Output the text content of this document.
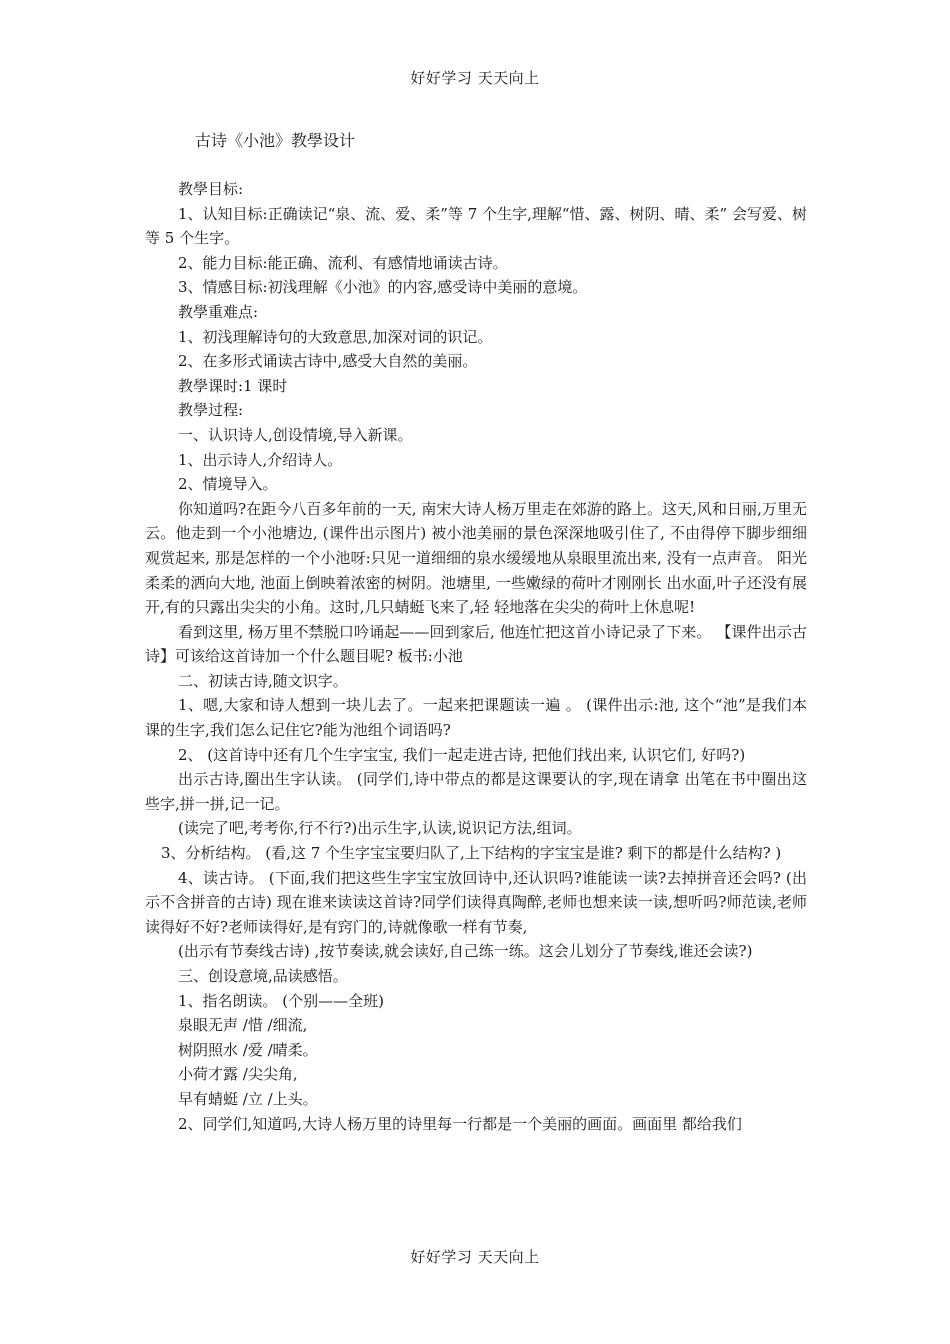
好好学习 天天向上
古诗《小池》教學设计

教學目标:

1、认知目标:正确读记“泉、流、爱、柔”等 7 个生字,理解“惜、露、树阴、晴、柔” 会写爱、树等 5 个生字。

2、能力目标:能正确、流利、有感情地诵读古诗。

3、情感目标:初浅理解《小池》的内容,感受诗中美丽的意境。

教學重难点:

1、初浅理解诗句的大致意思,加深对词的识记。

2、在多形式诵读古诗中,感受大自然的美丽。

教學课时:1 课时

教學过程:

一、认识诗人,创设情境,导入新课。

1、出示诗人,介绍诗人。

2、情境导入。

你知道吗?在距今八百多年前的一天, 南宋大诗人杨万里走在郊游的路上。这天,风和日丽,万里无云。他走到一个小池塘边, (课件出示图片) 被小池美丽的景色深深地吸引住了, 不由得停下脚步细细观赏起来, 那是怎样的一个小池呀:只见一道细细的泉水缓缓地从泉眼里流出来, 没有一点声音。 阳光柔柔的洒向大地, 池面上倒映着浓密的树阴。池塘里, 一些嫩绿的荷叶才刚刚长 出水面,叶子还没有展开,有的只露出尖尖的小角。这时,几只蜻蜓飞来了,轻 轻地落在尖尖的荷叶上休息呢!

看到这里, 杨万里不禁脱口吟诵起——回到家后, 他连忙把这首小诗记录了下来。 【课件出示古诗】可该给这首诗加一个什么题目呢? 板书:小池

二、初读古诗,随文识字。

1、嗯,大家和诗人想到一块儿去了。一起来把课题读一遍 。 (课件出示:池, 这个“池”是我们本课的生字,我们怎么记住它?能为池组个词语吗?

2、 (这首诗中还有几个生字宝宝, 我们一起走进古诗, 把他们找出来, 认识它们, 好吗?)

出示古诗,圈出生字认读。 (同学们,诗中带点的都是这课要认的字,现在请拿 出笔在书中圈出这些字,拼一拼,记一记。

(读完了吧,考考你,行不行?)出示生字,认读,说识记方法,组词。

3、分析结构。 (看,这 7 个生字宝宝要归队了,上下结构的字宝宝是谁? 剩下的都是什么结构? )

4、读古诗。 (下面,我们把这些生字宝宝放回诗中,还认识吗?谁能读一读?去掉拼音还会吗? (出示不含拼音的古诗) 现在谁来读读这首诗?同学们读得真陶醉,老师也想来读一读,想听吗?师范读,老师读得好不好?老师读得好,是有窍门的,诗就像歌一样有节奏,

(出示有节奏线古诗) ,按节奏读,就会读好,自己练一练。这会儿划分了节奏线,谁还会读?)

三、创设意境,品读感悟。

1、指名朗读。 (个别——全班)

泉眼无声 /惜 /细流,

树阴照水 /爱 /晴柔。

小荷才露 /尖尖角,

早有蜻蜓 /立 /上头。

2、同学们,知道吗,大诗人杨万里的诗里每一行都是一个美丽的画面。画面里 都给我们

好好学习 天天向上
